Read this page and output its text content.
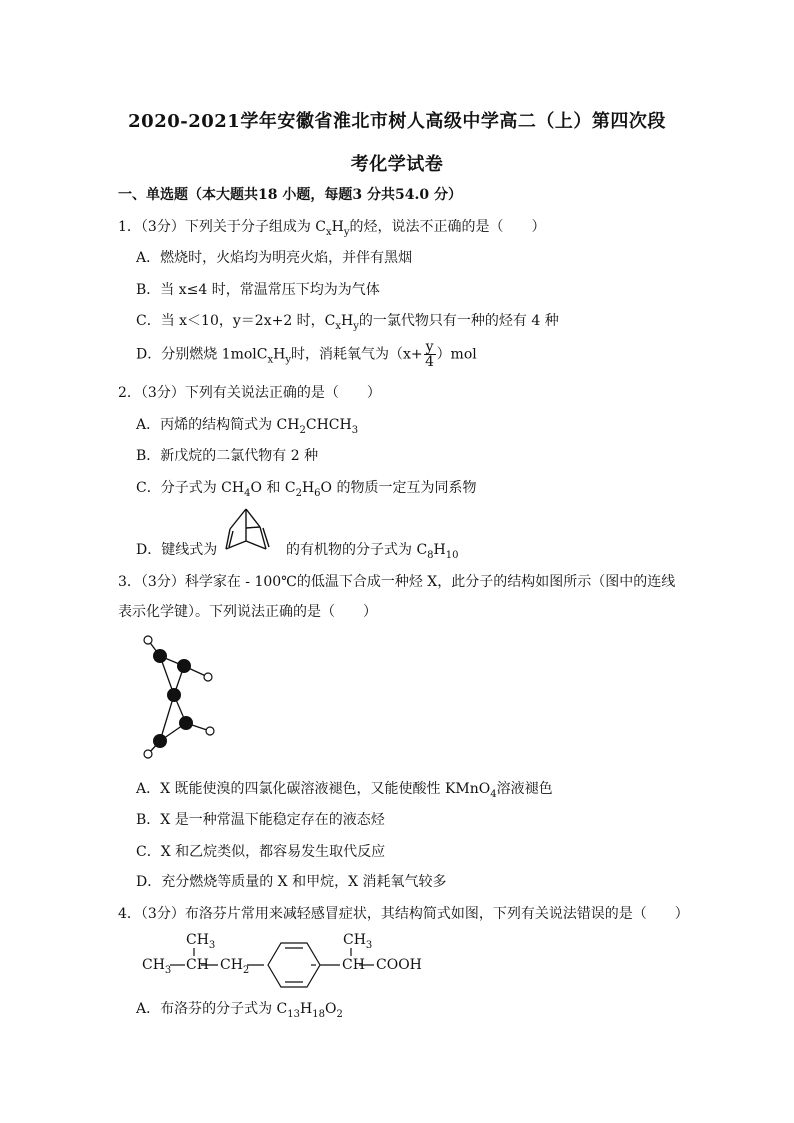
2020-2021学年安徽省淮北市树人高级中学高二（上）第四次段
考化学试卷
一、单选题（本大题共18 小题，每题3 分共54.0 分）
1．（3分）下列关于分子组成为 $C_xH_y$的烃，说法不正确的是（　　）
A．燃烧时，火焰均为明亮火焰，并伴有黑烟
B．当 x≤4 时，常温常压下均为为气体
C．当 x＜10，y＝2x+2 时，$C_xH_y$的一氯代物只有一种的烃有 4 种
D．分别燃烧 $1molC_xH_y$时，消耗氧气为$(x+ \frac{y}{4} )mol$
2．（3分）下列有关说法正确的是（　　）
A．丙烯的结构简式为 $CH_2CHCH_3$
B．新戊烷的二氯代物有 2 种
C．分子式为 $CH_4O$ 和 $C_2H_6O$ 的物质一定互为同系物
D．键线式为	的有机物的分子式为 $C_8H_{10}$
3．（3分）科学家在 - 100℃的低温下合成一种烃 X，此分子的结构如图所示（图中的连线
表示化学键）。下列说法正确的是（　　）
A．X 既能使溴的四氯化碳溶液褪色，又能使酸性 KMnO$_4$溶液褪色
B．X 是一种常温下能稳定存在的液态烃
C．X 和乙烷类似，都容易发生取代反应
D．充分燃烧等质量的 X 和甲烷，X 消耗氧气较多
4．（3分）布洛芬片常用来减轻感冒症状，其结构简式如图，下列有关说法错误的是（　　）
$CH_3$	$CH_3$
$CH_3$ CH $CH_2$	CH COOH
A．布洛芬的分子式为 $C_{13}H_{18}O_2$
